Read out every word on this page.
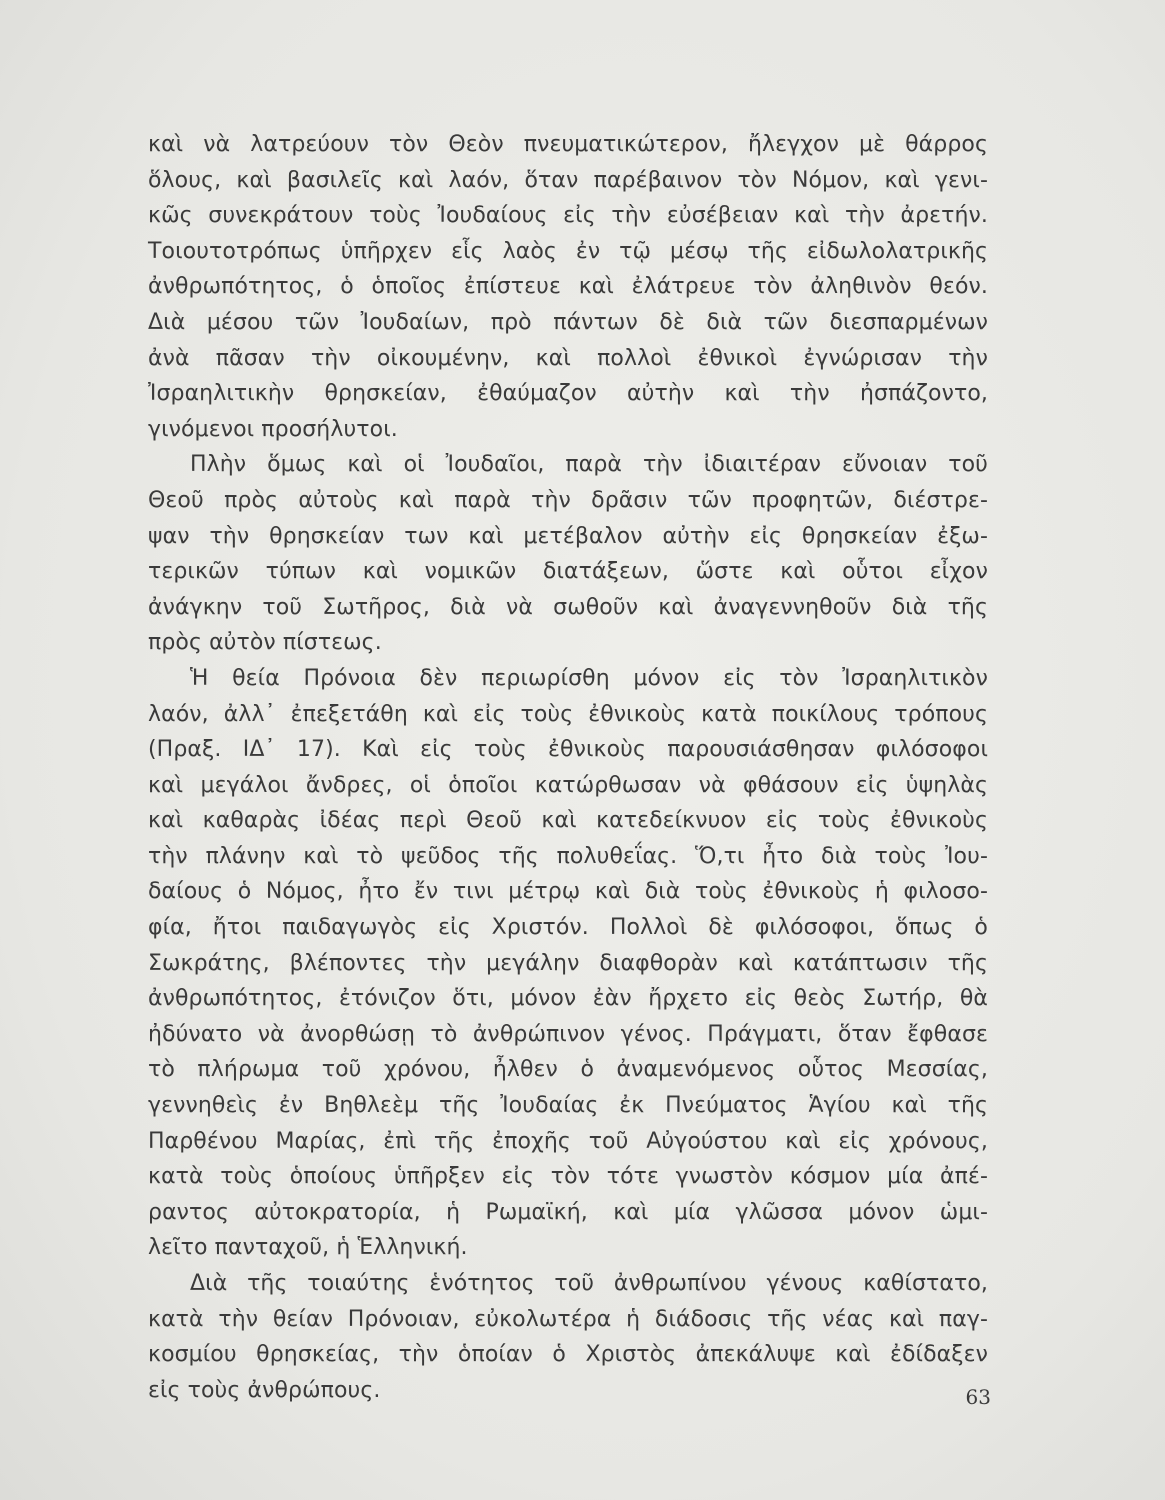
καὶ νὰ λατρεύουν τὸν Θεὸν πνευματικώτερον, ἤλεγχον μὲ θάρρος
ὅλους, καὶ βασιλεῖς καὶ λαόν, ὅταν παρέβαινον τὸν Νόμον, καὶ γενι-
κῶς συνεκράτουν τοὺς Ἰουδαίους εἰς τὴν εὐσέβειαν καὶ τὴν ἀρετήν.
Τοιουτοτρόπως ὑπῆρχεν εἷς λαὸς ἐν τῷ μέσῳ τῆς εἰδωλολατρικῆς
ἀνθρωπότητος, ὁ ὁποῖος ἐπίστευε καὶ ἐλάτρευε τὸν ἀληθινὸν θεόν.
Διὰ μέσου τῶν Ἰουδαίων, πρὸ πάντων δὲ διὰ τῶν διεσπαρμένων
ἀνὰ πᾶσαν τὴν οἰκουμένην, καὶ πολλοὶ ἐθνικοὶ ἐγνώρισαν τὴν
Ἰσραηλιτικὴν θρησκείαν, ἐθαύμαζον αὐτὴν καὶ τὴν ἠσπάζοντο,
γινόμενοι προσήλυτοι.
Πλὴν ὅμως καὶ οἱ Ἰουδαῖοι, παρὰ τὴν ἰδιαιτέραν εὔνοιαν τοῦ
Θεοῦ πρὸς αὐτοὺς καὶ παρὰ τὴν δρᾶσιν τῶν προφητῶν, διέστρε-
ψαν τὴν θρησκείαν των καὶ μετέβαλον αὐτὴν εἰς θρησκείαν ἐξω-
τερικῶν τύπων καὶ νομικῶν διατάξεων, ὥστε καὶ οὗτοι εἶχον
ἀνάγκην τοῦ Σωτῆρος, διὰ νὰ σωθοῦν καὶ ἀναγεννηθοῦν διὰ τῆς
πρὸς αὐτὸν πίστεως.
Ἡ θεία Πρόνοια δὲν περιωρίσθη μόνον εἰς τὸν Ἰσραηλιτικὸν
λαόν, ἀλλ᾽ ἐπεξετάθη καὶ εἰς τοὺς ἐθνικοὺς κατὰ ποικίλους τρόπους
(Πραξ. ΙΔ᾽ 17). Καὶ εἰς τοὺς ἐθνικοὺς παρουσιάσθησαν φιλόσοφοι
καὶ μεγάλοι ἄνδρες, οἱ ὁποῖοι κατώρθωσαν νὰ φθάσουν εἰς ὑψηλὰς
καὶ καθαρὰς ἰδέας περὶ Θεοῦ καὶ κατεδείκνυον εἰς τοὺς ἐθνικοὺς
τὴν πλάνην καὶ τὸ ψεῦδος τῆς πολυθεΐας. Ὅ,τι ἦτο διὰ τοὺς Ἰου-
δαίους ὁ Νόμος, ἦτο ἔν τινι μέτρῳ καὶ διὰ τοὺς ἐθνικοὺς ἡ φιλοσο-
φία, ἤτοι παιδαγωγὸς εἰς Χριστόν. Πολλοὶ δὲ φιλόσοφοι, ὅπως ὁ
Σωκράτης, βλέποντες τὴν μεγάλην διαφθορὰν καὶ κατάπτωσιν τῆς
ἀνθρωπότητος, ἐτόνιζον ὅτι, μόνον ἐὰν ἤρχετο εἰς θεὸς Σωτήρ, θὰ
ἠδύνατο νὰ ἀνορθώσῃ τὸ ἀνθρώπινον γένος. Πράγματι, ὅταν ἔφθασε
τὸ πλήρωμα τοῦ χρόνου, ἦλθεν ὁ ἀναμενόμενος οὗτος Μεσσίας,
γεννηθεὶς ἐν Βηθλεὲμ τῆς Ἰουδαίας ἐκ Πνεύματος Ἁγίου καὶ τῆς
Παρθένου Μαρίας, ἐπὶ τῆς ἐποχῆς τοῦ Αὐγούστου καὶ εἰς χρόνους,
κατὰ τοὺς ὁποίους ὑπῆρξεν εἰς τὸν τότε γνωστὸν κόσμον μία ἀπέ-
ραντος αὐτοκρατορία, ἡ Ρωμαϊκή, καὶ μία γλῶσσα μόνον ὡμι-
λεῖτο πανταχοῦ, ἡ Ἑλληνική.
Διὰ τῆς τοιαύτης ἑνότητος τοῦ ἀνθρωπίνου γένους καθίστατο,
κατὰ τὴν θείαν Πρόνοιαν, εὐκολωτέρα ἡ διάδοσις τῆς νέας καὶ παγ-
κοσμίου θρησκείας, τὴν ὁποίαν ὁ Χριστὸς ἀπεκάλυψε καὶ ἐδίδαξεν
εἰς τοὺς ἀνθρώπους.	63
